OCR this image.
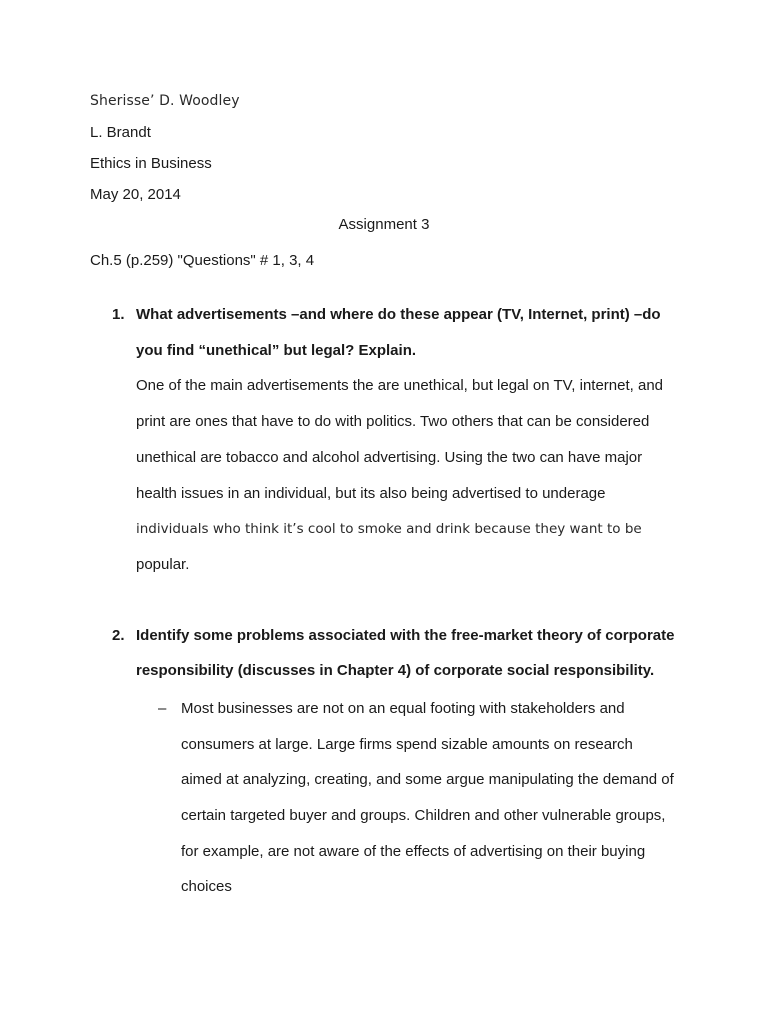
Sherisse’ D. Woodley
L. Brandt
Ethics in Business
May 20, 2014
Assignment 3
Ch.5 (p.259) "Questions" # 1, 3, 4
1. What advertisements –and where do these appear (TV, Internet, print) –do
you find “unethical” but legal? Explain.
One of the main advertisements the are unethical, but legal on TV, internet, and
print are ones that have to do with politics. Two others that can be considered
unethical are tobacco and alcohol advertising. Using the two can have major
health issues in an individual, but its also being advertised to underage
individuals who think it’s cool to smoke and drink because they want to be
popular.
2. Identify some problems associated with the free-market theory of corporate
responsibility (discusses in Chapter 4) of corporate social responsibility.
– Most businesses are not on an equal footing with stakeholders and
consumers at large. Large firms spend sizable amounts on research
aimed at analyzing, creating, and some argue manipulating the demand of
certain targeted buyer and groups. Children and other vulnerable groups,
for example, are not aware of the effects of advertising on their buying
choices
